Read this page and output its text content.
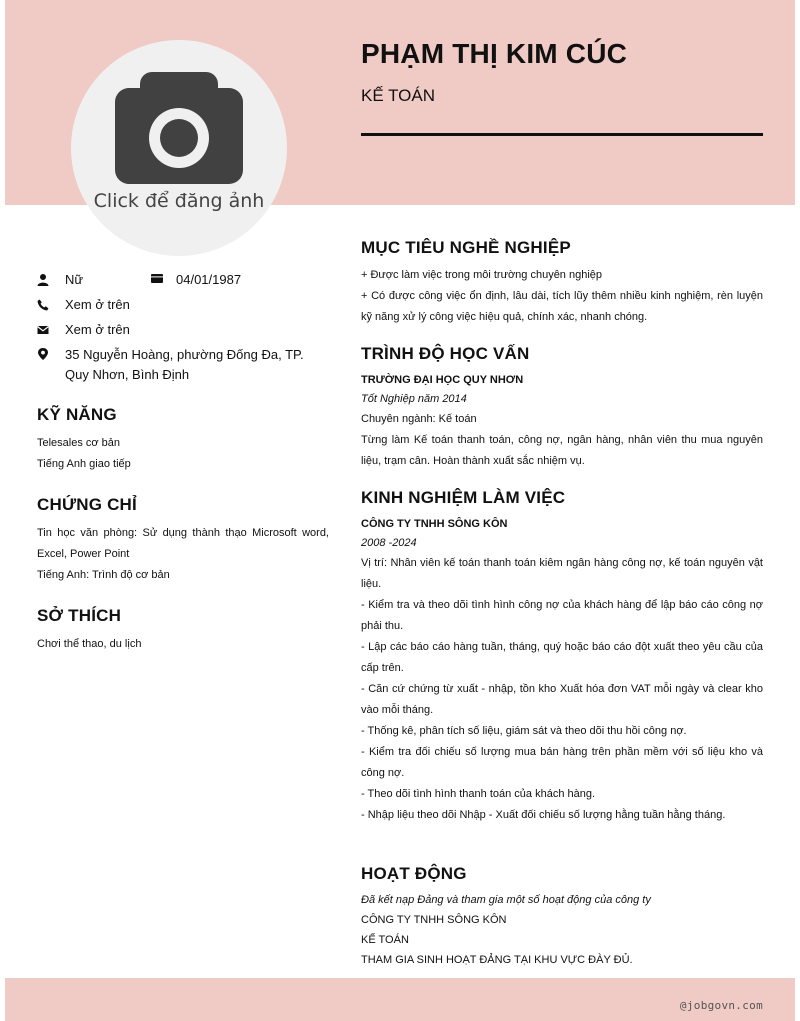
Click để đăng ảnh
PHẠM THỊ KIM CÚC
KẾ TOÁN
Nữ	04/01/1987
Xem ở trên
Xem ở trên
35 Nguyễn Hoàng, phường Đống Đa, TP. Quy Nhơn, Bình Định
KỸ NĂNG
Telesales cơ bản
Tiếng Anh giao tiếp
CHỨNG CHỈ
Tin học văn phòng: Sử dụng thành thạo Microsoft word, Excel, Power Point
Tiếng Anh: Trình độ cơ bản
SỞ THÍCH
Chơi thể thao, du lịch
MỤC TIÊU NGHỀ NGHIỆP
+ Được làm việc trong môi trường chuyên nghiệp
+ Có được công việc ổn định, lâu dài, tích lũy thêm nhiều kinh nghiệm, rèn luyện kỹ năng xử lý công việc hiệu quả, chính xác, nhanh chóng.
TRÌNH ĐỘ HỌC VẤN
TRƯỜNG ĐẠI HỌC QUY NHƠN
Tốt Nghiệp năm 2014
Chuyên ngành: Kế toán
Từng làm Kế toán thanh toán, công nợ, ngân hàng, nhân viên thu mua nguyên liệu, trạm cân. Hoàn thành xuất sắc nhiệm vụ.
KINH NGHIỆM LÀM VIỆC
CÔNG TY TNHH SÔNG KÔN
2008 -2024
Vị trí: Nhân viên kế toán thanh toán kiêm ngân hàng công nợ, kế toán nguyên vật liệu.
- Kiểm tra và theo dõi tình hình công nợ của khách hàng để lập báo cáo công nợ phải thu.
- Lập các báo cáo hàng tuần, tháng, quý hoặc báo cáo đột xuất theo yêu cầu của cấp trên.
- Căn cứ chứng từ xuất - nhập, tồn kho Xuất hóa đơn VAT mỗi ngày và clear kho vào mỗi tháng.
- Thống kê, phân tích số liệu, giám sát và theo dõi thu hồi công nợ.
- Kiểm tra đối chiếu số lượng mua bán hàng trên phần mềm với số liệu kho và công nợ.
- Theo dõi tình hình thanh toán của khách hàng.
- Nhập liệu theo dõi Nhập - Xuất đối chiếu số lượng hằng tuần hằng tháng.
HOẠT ĐỘNG
Đã kết nạp Đảng và tham gia một số hoạt động của công ty
CÔNG TY TNHH SÔNG KÔN
KẾ TOÁN
THAM GIA SINH HOẠT ĐẢNG TẠI KHU VỰC ĐÀY ĐỦ.
@jobgovn.com
